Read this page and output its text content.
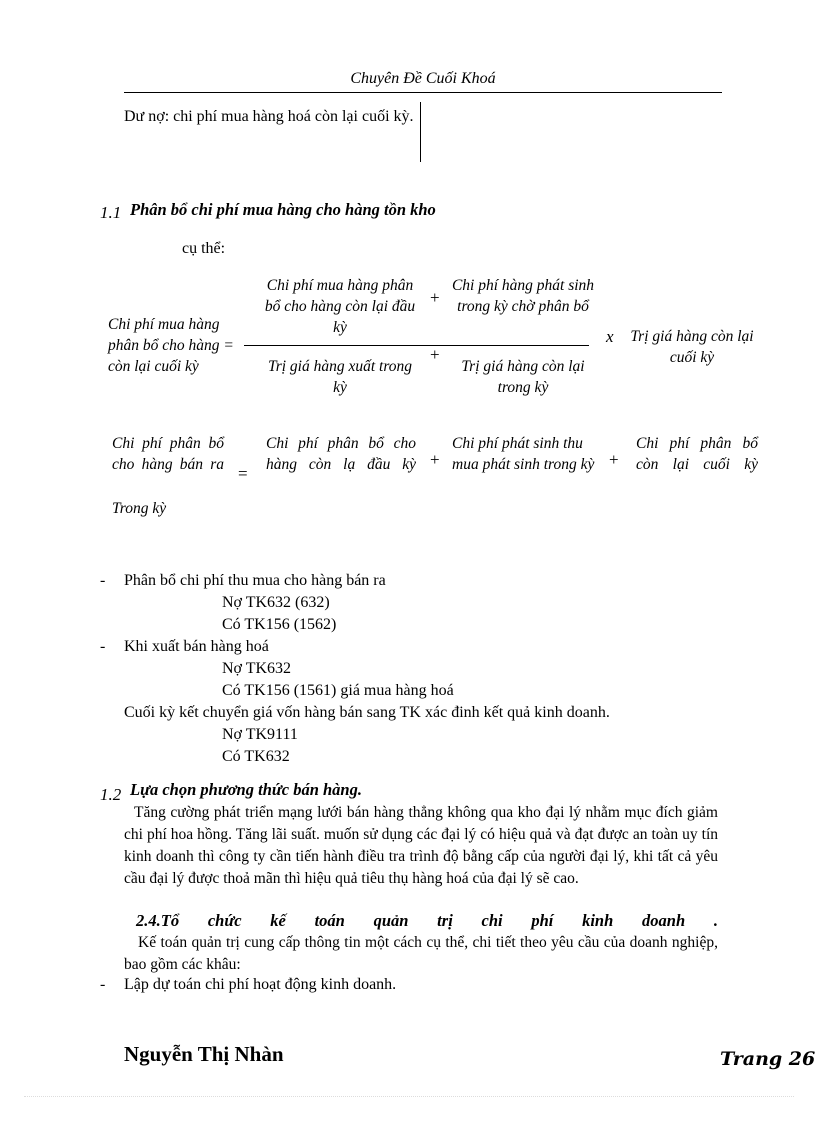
Chuyên Đề Cuối Khoá
Dư nợ: chi phí mua hàng hoá còn lại cuối kỳ.
1.1 Phân bổ chi phí mua hàng cho hàng tồn kho
cụ thể:
Chi phí mua hàng phân bổ cho hàng = còn lại cuối kỳ
Chi phí mua hàng phân bổ cho hàng còn lại đầu kỳ
+
Chi phí hàng phát sinh trong kỳ chờ phân bổ
Trị giá hàng xuất trong kỳ
+
Trị giá hàng còn lại trong kỳ
x	Trị giá hàng còn lại cuối kỳ
Chi phí phân bổ cho hàng bán ra
Trong kỳ
=
Chi phí phân bổ cho hàng còn lạ đầu kỳ +
Chi phí phát sinh thu mua phát sinh trong kỳ +
Chi phí phân bổ còn lại cuối kỳ
- Phân bổ chi phí thu mua cho hàng bán ra
Nợ TK632 (632)
Có TK156 (1562)
- Khi xuất bán hàng hoá
Nợ TK632
Có TK156 (1561) giá mua hàng hoá
Cuối kỳ kết chuyển giá vốn hàng bán sang TK xác đinh kết quả kinh doanh.
Nợ TK9111
Có TK632
1.2 Lựa chọn phương thức bán hàng.
Tăng cường phát triển mạng lưới bán hàng thẳng không qua kho đại lý nhằm mục đích giảm chi phí hoa hồng. Tăng lãi suất. muốn sử dụng các đại lý có hiệu quả và đạt được an toàn uy tín kinh doanh thì công ty cần tiến hành điều tra trình độ bằng cấp của người đại lý, khi tất cả yêu cầu đại lý được thoả mãn thì hiệu quả tiêu thụ hàng hoá của đại lý sẽ cao.
2.4.Tổ chức kế toán quản trị chi phí kinh doanh .
Kế toán quản trị cung cấp thông tin một cách cụ thể, chi tiết theo yêu cầu của doanh nghiệp, bao gồm các khâu:
- Lập dự toán chi phí hoạt động kinh doanh.
Nguyễn Thị Nhàn	Trang 26
